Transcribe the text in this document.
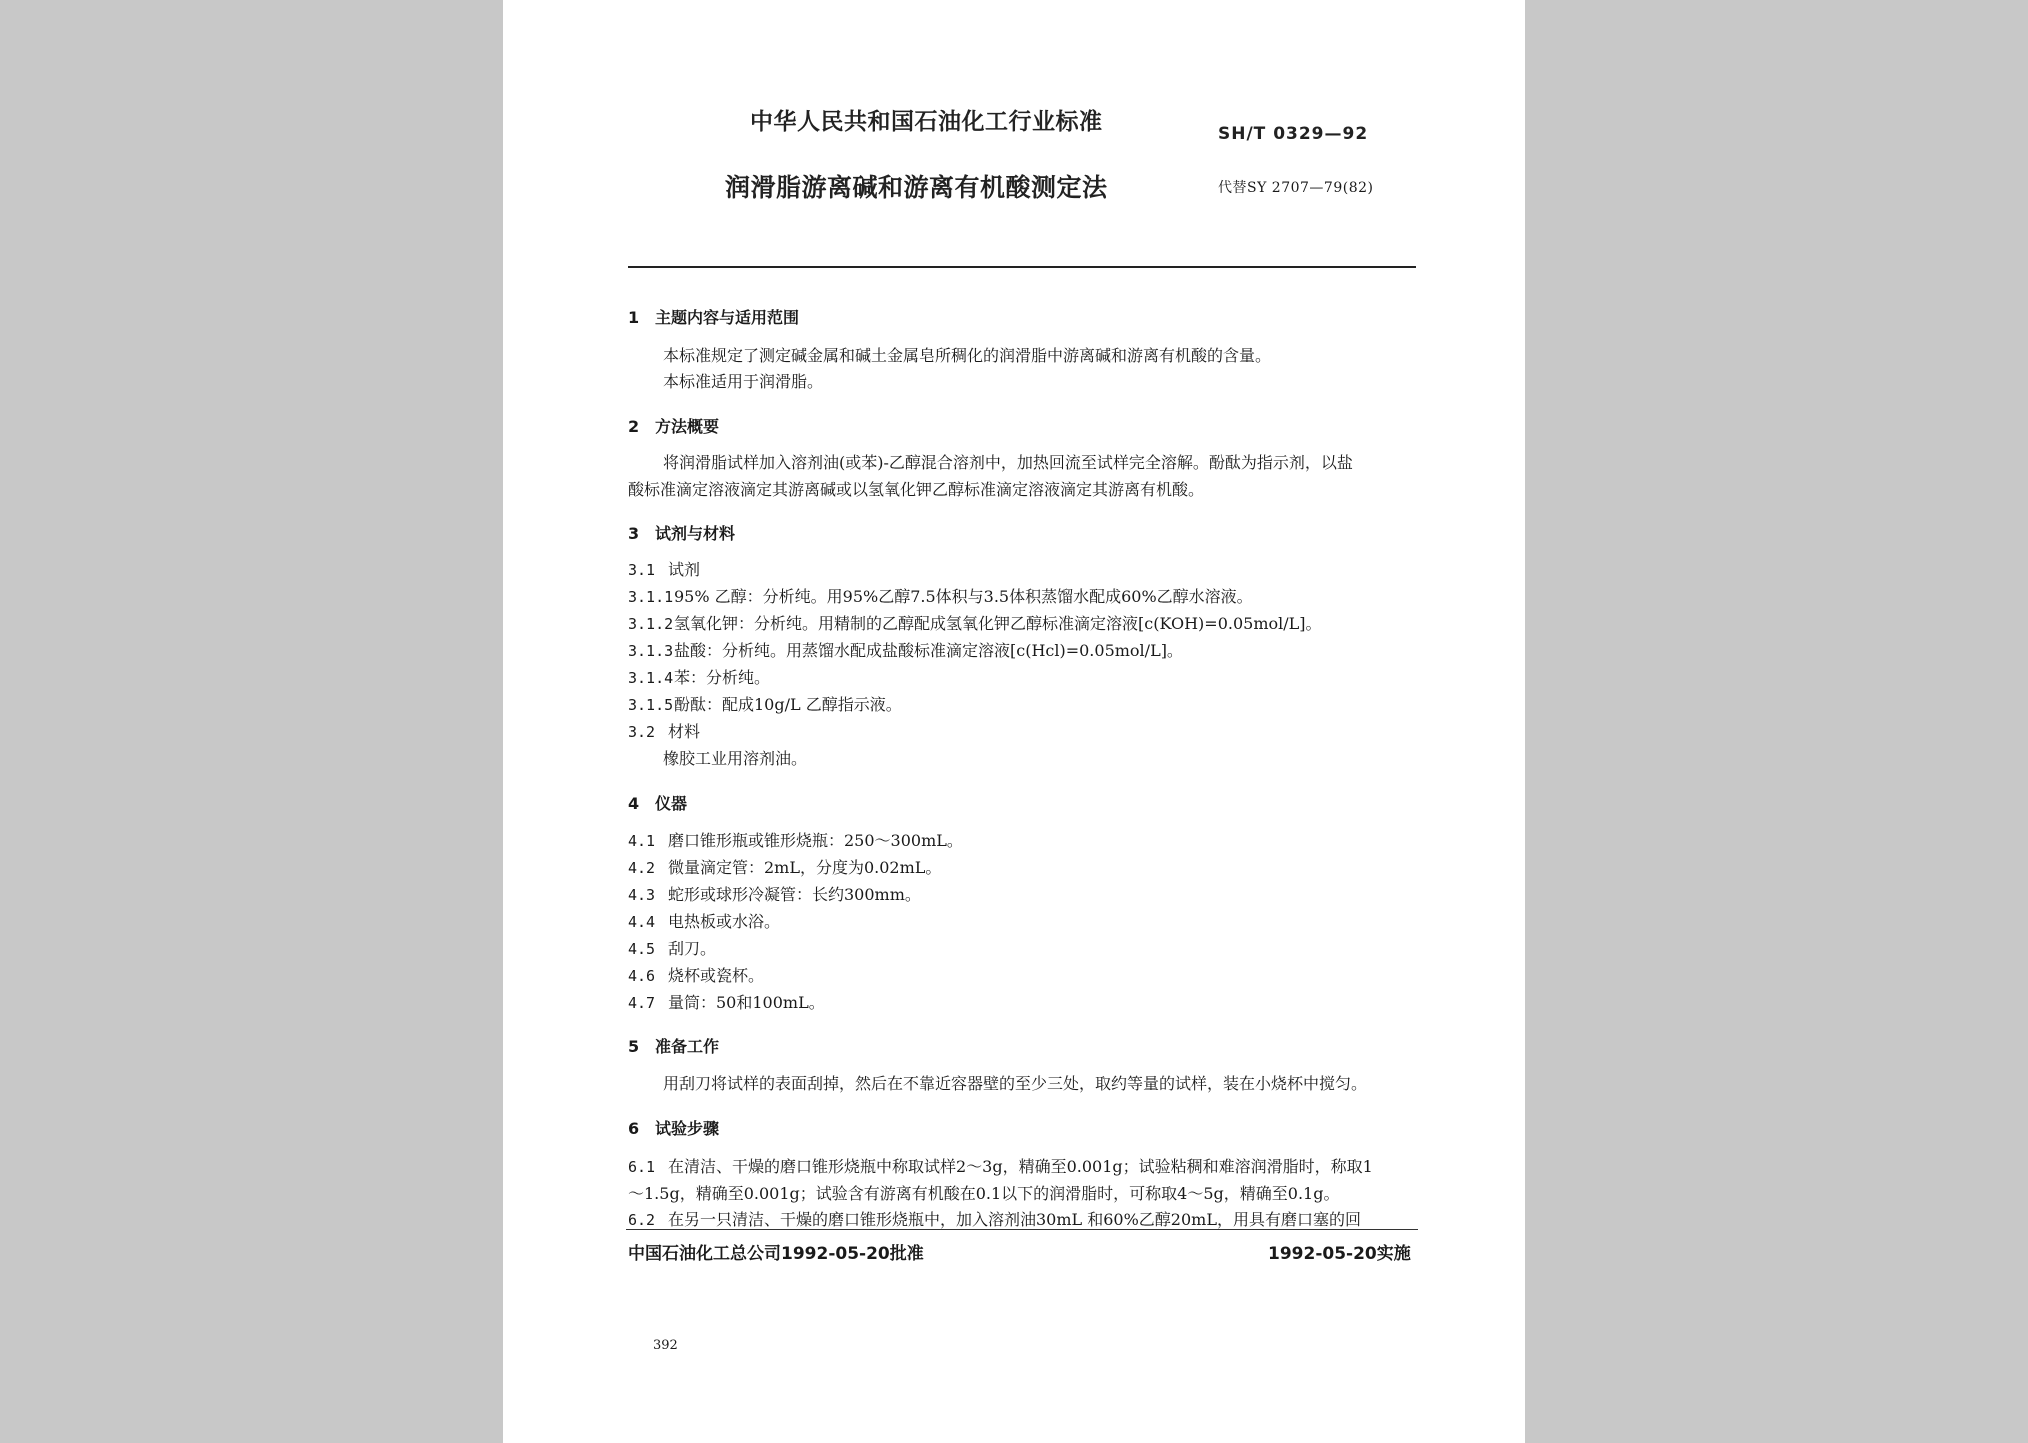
中华人民共和国石油化工行业标准	SH/T 0329—92
润滑脂游离碱和游离有机酸测定法	代替SY 2707—79(82)
1 主题内容与适用范围
本标准规定了测定碱金属和碱土金属皂所稠化的润滑脂中游离碱和游离有机酸的含量。
本标准适用于润滑脂。
2 方法概要
将润滑脂试样加入溶剂油(或苯)-乙醇混合溶剂中，加热回流至试样完全溶解。酚酞为指示剂，以盐
酸标准滴定溶液滴定其游离碱或以氢氧化钾乙醇标准滴定溶液滴定其游离有机酸。
3 试剂与材料
3.1 试剂
3.1.195% 乙醇：分析纯。用95%乙醇7.5体积与3.5体积蒸馏水配成60%乙醇水溶液。
3.1.2氢氧化钾：分析纯。用精制的乙醇配成氢氧化钾乙醇标准滴定溶液[c(KOH)=0.05mol/L]。
3.1.3盐酸：分析纯。用蒸馏水配成盐酸标准滴定溶液[c(Hcl)=0.05mol/L]。
3.1.4苯：分析纯。
3.1.5酚酞：配成10g/L 乙醇指示液。
3.2 材料
橡胶工业用溶剂油。
4 仪器
4.1 磨口锥形瓶或锥形烧瓶：250～300mL。
4.2 微量滴定管：2mL，分度为0.02mL。
4.3 蛇形或球形冷凝管：长约300mm。
4.4 电热板或水浴。
4.5 刮刀。
4.6 烧杯或瓷杯。
4.7 量筒：50和100mL。
5 准备工作
用刮刀将试样的表面刮掉，然后在不靠近容器壁的至少三处，取约等量的试样，装在小烧杯中搅匀。
6 试验步骤
6.1 在清洁、干燥的磨口锥形烧瓶中称取试样2～3g，精确至0.001g；试验粘稠和难溶润滑脂时，称取1
～1.5g，精确至0.001g；试验含有游离有机酸在0.1以下的润滑脂时，可称取4～5g，精确至0.1g。
6.2 在另一只清洁、干燥的磨口锥形烧瓶中，加入溶剂油30mL 和60%乙醇20mL，用具有磨口塞的回
中国石油化工总公司1992-05-20批准	1992-05-20实施
392
